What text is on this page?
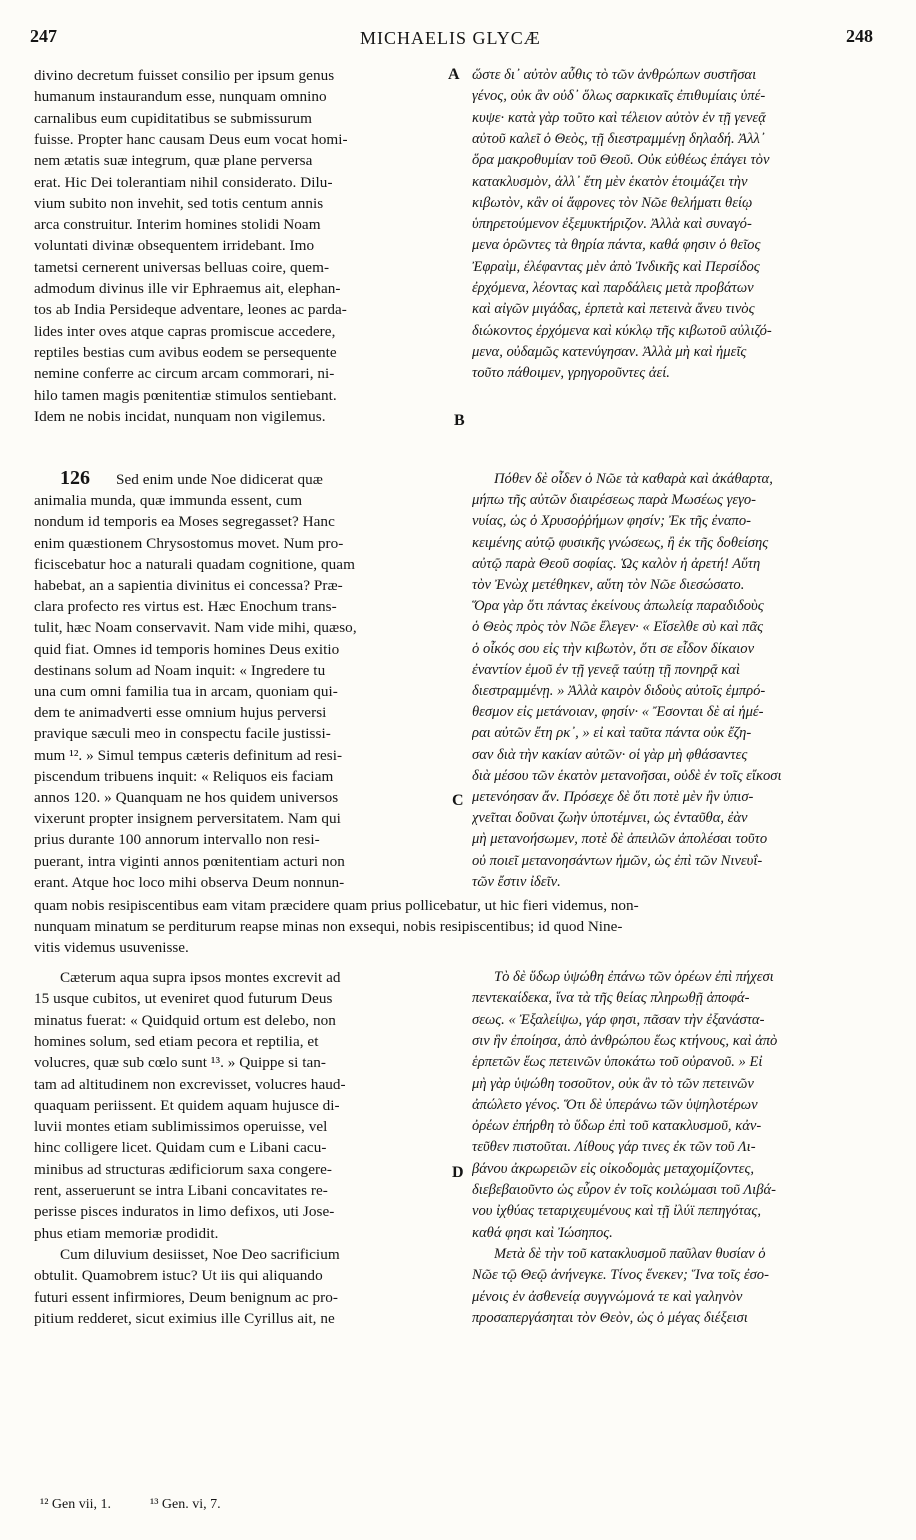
247	MICHAELIS GLYCÆ	248
A
B
C
D
divino decretum fuisset consilio per ipsum genus
humanum instaurandum esse, nunquam omnino
carnalibus eum cupiditatibus se submissurum
fuisse. Propter hanc causam Deus eum vocat homi-
nem ætatis suæ integrum, quæ plane perversa
erat. Hic Dei tolerantiam nihil considerato. Dilu-
vium subito non invehit, sed totis centum annis
arca construitur. Interim homines stolidi Noam
voluntati divinæ obsequentem irridebant. Imo
tametsi cernerent universas belluas coire, quem-
admodum divinus ille vir Ephraemus ait, elephan-
tos ab India Persideque adventare, leones ac parda-
lides inter oves atque capras promiscue accedere,
reptiles bestias cum avibus eodem se persequente
nemine conferre ac circum arcam commorari, ni-
hilo tamen magis pœnitentiæ stimulos sentiebant.
Idem ne nobis incidat, nunquam non vigilemus.
ὥστε δι᾽ αὐτὸν αὖθις τὸ τῶν ἀνθρώπων συστῆσαι
γένος, οὐκ ἂν οὐδ᾽ ὅλως σαρκικαῖς ἐπιθυμίαις ὑπέ-
κυψε· κατὰ γὰρ τοῦτο καὶ τέλειον αὐτὸν ἐν τῇ γενεᾷ
αὐτοῦ καλεῖ ὁ Θεὸς, τῇ διεστραμμένῃ δηλαδή. Ἀλλ᾽
ὅρα μακροθυμίαν τοῦ Θεοῦ. Οὐκ εὐθέως ἐπάγει τὸν
κατακλυσμὸν, ἀλλ᾽ ἔτη μὲν ἑκατὸν ἑτοιμάζει τὴν
κιβωτὸν, κἂν οἱ ἄφρονες τὸν Νῶε θελήματι θείῳ
ὑπηρετούμενον ἐξεμυκτήριζον. Ἀλλὰ καὶ συναγό-
μενα ὁρῶντες τὰ θηρία πάντα, καθά φησιν ὁ θεῖος
Ἐφραὶμ, ἐλέφαντας μὲν ἀπὸ Ἰνδικῆς καὶ Περσίδος
ἐρχόμενα, λέοντας καὶ παρδάλεις μετὰ προβάτων
καὶ αἰγῶν μιγάδας, ἑρπετὰ καὶ πετεινὰ ἄνευ τινὸς
διώκοντος ἐρχόμενα καὶ κύκλῳ τῆς κιβωτοῦ αὐλιζό-
μενα, οὐδαμῶς κατενύγησαν. Ἀλλὰ μὴ καὶ ἡμεῖς
τοῦτο πάθοιμεν, γρηγοροῦντες ἀεί.
126 Sed enim unde Noe didicerat quæ
animalia munda, quæ immunda essent, cum
nondum id temporis ea Moses segregasset? Hanc
enim quæstionem Chrysostomus movet. Num pro-
ficiscebatur hoc a naturali quadam cognitione, quam
habebat, an a sapientia divinitus ei concessa? Præ-
clara profecto res virtus est. Hæc Enochum trans-
tulit, hæc Noam conservavit. Nam vide mihi, quæso,
quid fiat. Omnes id temporis homines Deus exitio
destinans solum ad Noam inquit: « Ingredere tu
una cum omni familia tua in arcam, quoniam qui-
dem te animadverti esse omnium hujus perversi
pravique sæculi meo in conspectu facile justissi-
mum ¹². » Simul tempus cæteris definitum ad resi-
piscendum tribuens inquit: « Reliquos eis faciam
annos 120. » Quanquam ne hos quidem universos
vixerunt propter insignem perversitatem. Nam qui
prius durante 100 annorum intervallo non resi-
puerant, intra viginti annos pœnitentiam acturi non
erant. Atque hoc loco mihi observa Deum nonnun-
Πόθεν δὲ οἶδεν ὁ Νῶε τὰ καθαρὰ καὶ ἀκάθαρτα,
μήπω τῆς αὐτῶν διαιρέσεως παρὰ Μωσέως γεγο-
νυίας, ὡς ὁ Χρυσοῤῥήμων φησίν; Ἐκ τῆς ἐναπο-
κειμένης αὐτῷ φυσικῆς γνώσεως, ἢ ἐκ τῆς δοθείσης
αὐτῷ παρὰ Θεοῦ σοφίας. Ὡς καλὸν ἡ ἀρετή! Αὕτη
τὸν Ἐνὼχ μετέθηκεν, αὕτη τὸν Νῶε διεσώσατο.
Ὅρα γὰρ ὅτι πάντας ἐκείνους ἀπωλείᾳ παραδιδοὺς
ὁ Θεὸς πρὸς τὸν Νῶε ἔλεγεν· « Εἴσελθε σὺ καὶ πᾶς
ὁ οἶκός σου εἰς τὴν κιβωτὸν, ὅτι σε εἶδον δίκαιον
ἐναντίον ἐμοῦ ἐν τῇ γενεᾷ ταύτῃ τῇ πονηρᾷ καὶ
διεστραμμένῃ. » Ἀλλὰ καιρὸν διδοὺς αὐτοῖς ἐμπρό-
θεσμον εἰς μετάνοιαν, φησίν· « Ἔσονται δὲ αἱ ἡμέ-
ραι αὐτῶν ἔτη ρκ᾽, » εἰ καὶ ταῦτα πάντα οὐκ ἔζη-
σαν διὰ τὴν κακίαν αὐτῶν· οἱ γὰρ μὴ φθάσαντες
διὰ μέσου τῶν ἑκατὸν μετανοῆσαι, οὐδὲ ἐν τοῖς εἴκοσι
μετενόησαν ἄν. Πρόσεχε δὲ ὅτι ποτὲ μὲν ἢν ὑπισ-
χνεῖται δοῦναι ζωὴν ὑποτέμνει, ὡς ἐνταῦθα, ἐὰν
μὴ μετανοήσωμεν, ποτὲ δὲ ἀπειλῶν ἀπολέσαι τοῦτο
οὐ ποιεῖ μετανοησάντων ἡμῶν, ὡς ἐπὶ τῶν Νινευΐ-
τῶν ἔστιν ἰδεῖν.
quam nobis resipiscentibus eam vitam præcidere quam prius pollicebatur, ut hic fieri videmus, non-
nunquam minatum se perditurum reapse minas non exsequi, nobis resipiscentibus; id quod Nine-
vitis videmus usuvenisse.
Cæterum aqua supra ipsos montes excrevit ad
15 usque cubitos, ut eveniret quod futurum Deus
minatus fuerat: « Quidquid ortum est delebo, non
homines solum, sed etiam pecora et reptilia, et
volucres, quæ sub cœlo sunt ¹³. » Quippe si tan-
tam ad altitudinem non excrevisset, volucres haud-
quaquam periissent. Et quidem aquam hujusce di-
luvii montes etiam sublimissimos operuisse, vel
hinc colligere licet. Quidam cum e Libani cacu-
minibus ad structuras ædificiorum saxa congere-
rent, asseruerunt se intra Libani concavitates re-
perisse pisces induratos in limo defixos, uti Jose-
phus etiam memoriæ prodidit.
Cum diluvium desiisset, Noe Deo sacrificium
obtulit. Quamobrem istuc? Ut iis qui aliquando
futuri essent infirmiores, Deum benignum ac pro-
pitium redderet, sicut eximius ille Cyrillus ait, ne
Τὸ δὲ ὕδωρ ὑψώθη ἐπάνω τῶν ὀρέων ἐπὶ πήχεσι
πεντεκαίδεκα, ἵνα τὰ τῆς θείας πληρωθῇ ἀποφά-
σεως. « Ἐξαλείψω, γάρ φησι, πᾶσαν τὴν ἐξανάστα-
σιν ἣν ἐποίησα, ἀπὸ ἀνθρώπου ἕως κτήνους, καὶ ἀπὸ
ἑρπετῶν ἕως πετεινῶν ὑποκάτω τοῦ οὐρανοῦ. » Εἰ
μὴ γὰρ ὑψώθη τοσοῦτον, οὐκ ἂν τὸ τῶν πετεινῶν
ἀπώλετο γένος. Ὅτι δὲ ὑπεράνω τῶν ὑψηλοτέρων
ὀρέων ἐπήρθη τὸ ὕδωρ ἐπὶ τοῦ κατακλυσμοῦ, κἀν-
τεῦθεν πιστοῦται. Λίθους γάρ τινες ἐκ τῶν τοῦ Λι-
βάνου ἀκρωρειῶν εἰς οἰκοδομὰς μεταχομίζοντες,
διεβεβαιοῦντο ὡς εὗρον ἐν τοῖς κοιλώμασι τοῦ Λιβά-
νου ἰχθύας τεταριχευμένους καὶ τῇ ἰλύϊ πεπηγότας,
καθά φησι καὶ Ἰώσηπος.
Μετὰ δὲ τὴν τοῦ κατακλυσμοῦ παῦλαν θυσίαν ὁ
Νῶε τῷ Θεῷ ἀνήνεγκε. Τίνος ἕνεκεν; Ἵνα τοῖς ἐσο-
μένοις ἐν ἀσθενείᾳ συγγνώμονά τε καὶ γαληνὸν
προσαπεργάσηται τὸν Θεὸν, ὡς ὁ μέγας διέξεισι
¹² Gen vii, 1.	¹³ Gen. vi, 7.
